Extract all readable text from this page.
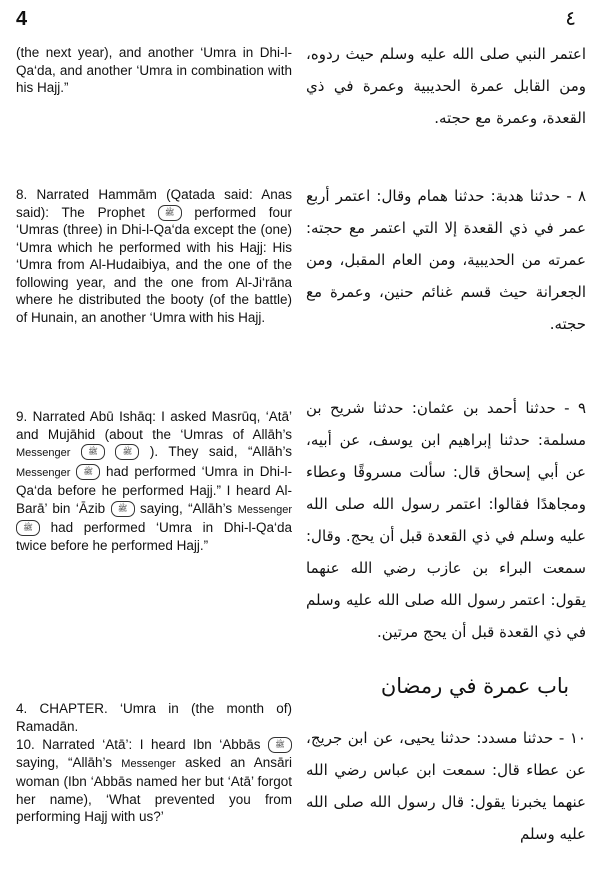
4	٤

(the next year), and another ‘Umra in Dhi-l-Qa‘da, and another ‘Umra in combination with his Hajj.”

اعتمر النبي صلى الله عليه وسلم حيث ردوه، ومن القابل عمرة الحديبية وعمرة في ذي القعدة، وعمرة مع حجته.

8. Narrated Hammām (Qatada said: Anas said): The Prophet ﷺ performed four ‘Umras (three) in Dhi-l-Qa‘da except the (one) ‘Umra which he performed with his Hajj: His ‘Umra from Al-Hudaibiya, and the one of the following year, and the one from Al-Ji‘rāna where he distributed the booty (of the battle) of Hunain, an another ‘Umra with his Hajj.

٨ - حدثنا هدبة: حدثنا همام وقال: اعتمر أربع عمر في ذي القعدة إلا التي اعتمر مع حجته: عمرته من الحديبية، ومن العام المقبل، ومن الجعرانة حيث قسم غنائم حنين، وعمرة مع حجته.

9. Narrated Abū Ishāq: I asked Masrūq, ‘Atā’ and Mujāhid (about the ‘Umras of Allāh’s Messenger ﷺ	ﷺ ). They said, “Allāh’s Messenger ﷺ had performed ‘Umra in Dhi-l-Qa‘da before he performed Hajj.” I heard Al-Barā’ bin ‘Āzib ﷺ saying, “Allāh’s Messenger ﷺ had performed ‘Umra in Dhi-l-Qa‘da twice before he performed Hajj.”

٩ - حدثنا أحمد بن عثمان: حدثنا شريح بن مسلمة: حدثنا إبراهيم ابن يوسف، عن أبيه، عن أبي إسحاق قال: سألت مسروقًا وعطاء ومجاهدًا فقالوا: اعتمر رسول الله صلى الله عليه وسلم في ذي القعدة قبل أن يحج. وقال: سمعت البراء بن عازب رضي الله عنهما يقول: اعتمر رسول الله صلى الله عليه وسلم في ذي القعدة قبل أن يحج مرتين.

4. CHAPTER. ‘Umra in (the month of) Ramadān.

باب عمرة في رمضان

10. Narrated ‘Atā’: I heard Ibn ‘Abbās ﷺ saying, “Allāh’s Messenger asked an Ansāri woman (Ibn ‘Abbās named her but ‘Atā’ forgot her name), ‘What prevented you from performing Hajj with us?’

١٠ - حدثنا مسدد: حدثنا يحيى، عن ابن جريج، عن عطاء قال: سمعت ابن عباس رضي الله عنهما يخبرنا يقول: قال رسول الله صلى الله عليه وسلم
